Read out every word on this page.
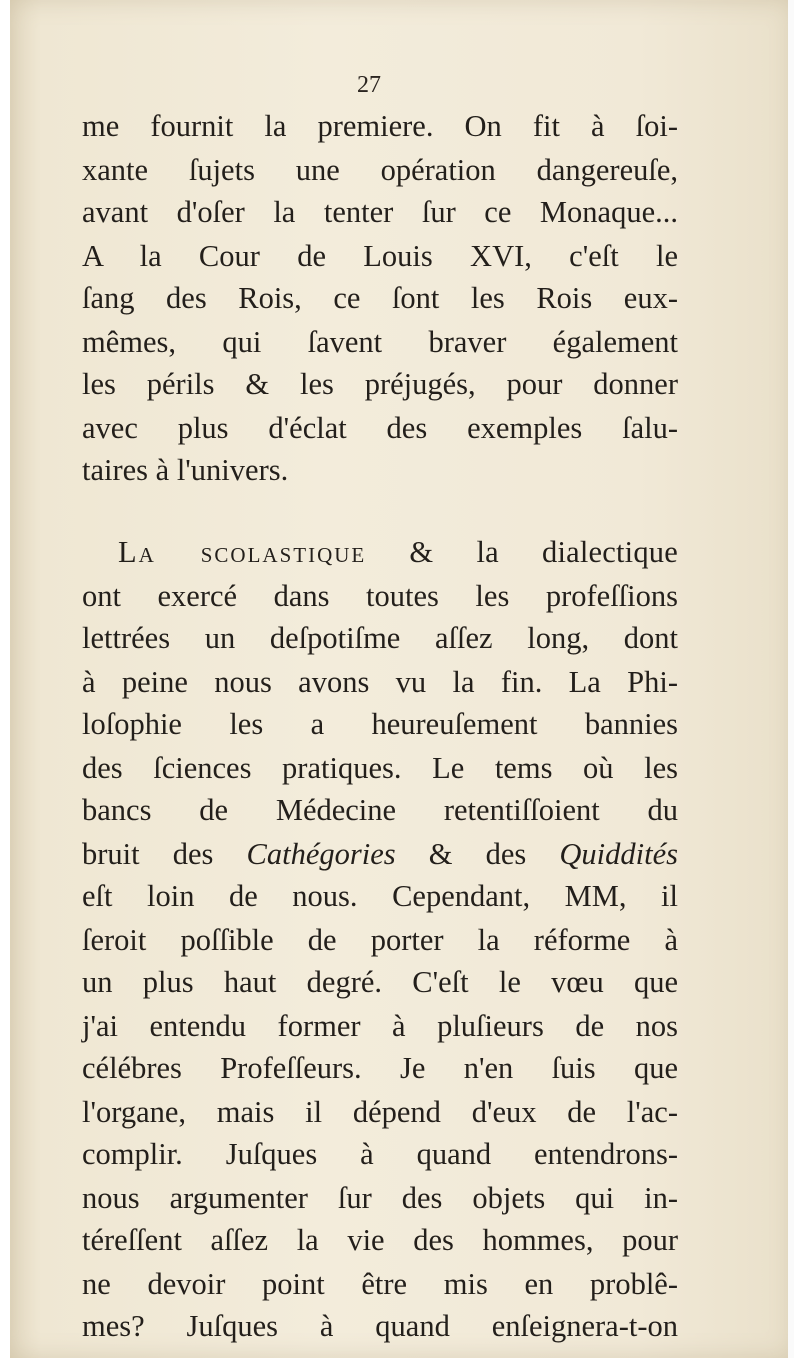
27
me fournit la premiere. On fit à ſoi-
xante ſujets une opération dangereuſe,
avant d'oſer la tenter ſur ce Monaque...
A la Cour de Louis XVI, c'eſt le
ſang des Rois, ce ſont les Rois eux-
mêmes, qui ſavent braver également
les périls & les préjugés, pour donner
avec plus d'éclat des exemples ſalu-
taires à l'univers.
La scolastique & la dialectique
ont exercé dans toutes les profeſſions
lettrées un deſpotiſme aſſez long, dont
à peine nous avons vu la fin. La Phi-
loſophie les a heureuſement bannies
des ſciences pratiques. Le tems où les
bancs de Médecine retentiſſoient du
bruit des Cathégories & des Quiddités
eſt loin de nous. Cependant, MM, il
ſeroit poſſible de porter la réforme à
un plus haut degré. C'eſt le vœu que
j'ai entendu former à pluſieurs de nos
célébres Profeſſeurs. Je n'en ſuis que
l'organe, mais il dépend d'eux de l'ac-
complir. Juſques à quand entendrons-
nous argumenter ſur des objets qui in-
téreſſent aſſez la vie des hommes, pour
ne devoir point être mis en problê-
mes? Juſques à quand enſeignera-t-on
